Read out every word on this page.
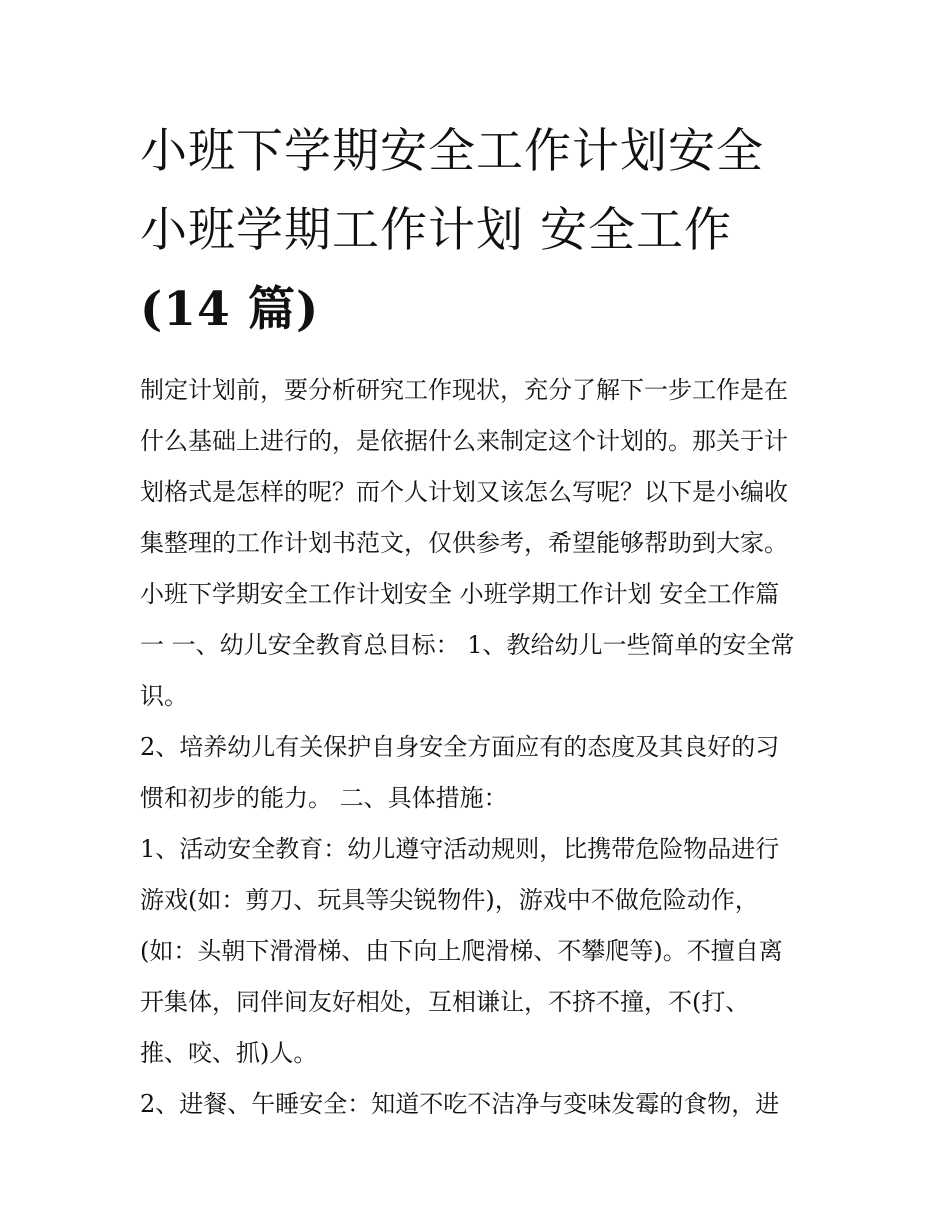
小班下学期安全工作计划安全
小班学期工作计划 安全工作
(14 篇)
制定计划前，要分析研究工作现状，充分了解下一步工作是在
什么基础上进行的，是依据什么来制定这个计划的。那关于计
划格式是怎样的呢？而个人计划又该怎么写呢？以下是小编收
集整理的工作计划书范文，仅供参考，希望能够帮助到大家。
小班下学期安全工作计划安全 小班学期工作计划 安全工作篇
一 一、幼儿安全教育总目标： 1、教给幼儿一些简单的安全常
识。
2、培养幼儿有关保护自身安全方面应有的态度及其良好的习
惯和初步的能力。 二、具体措施：
1、活动安全教育：幼儿遵守活动规则，比携带危险物品进行
游戏(如：剪刀、玩具等尖锐物件)，游戏中不做危险动作，
(如：头朝下滑滑梯、由下向上爬滑梯、不攀爬等)。不擅自离
开集体，同伴间友好相处，互相谦让，不挤不撞，不(打、
推、咬、抓)人。
2、进餐、午睡安全：知道不吃不洁净与变味发霉的食物，进
